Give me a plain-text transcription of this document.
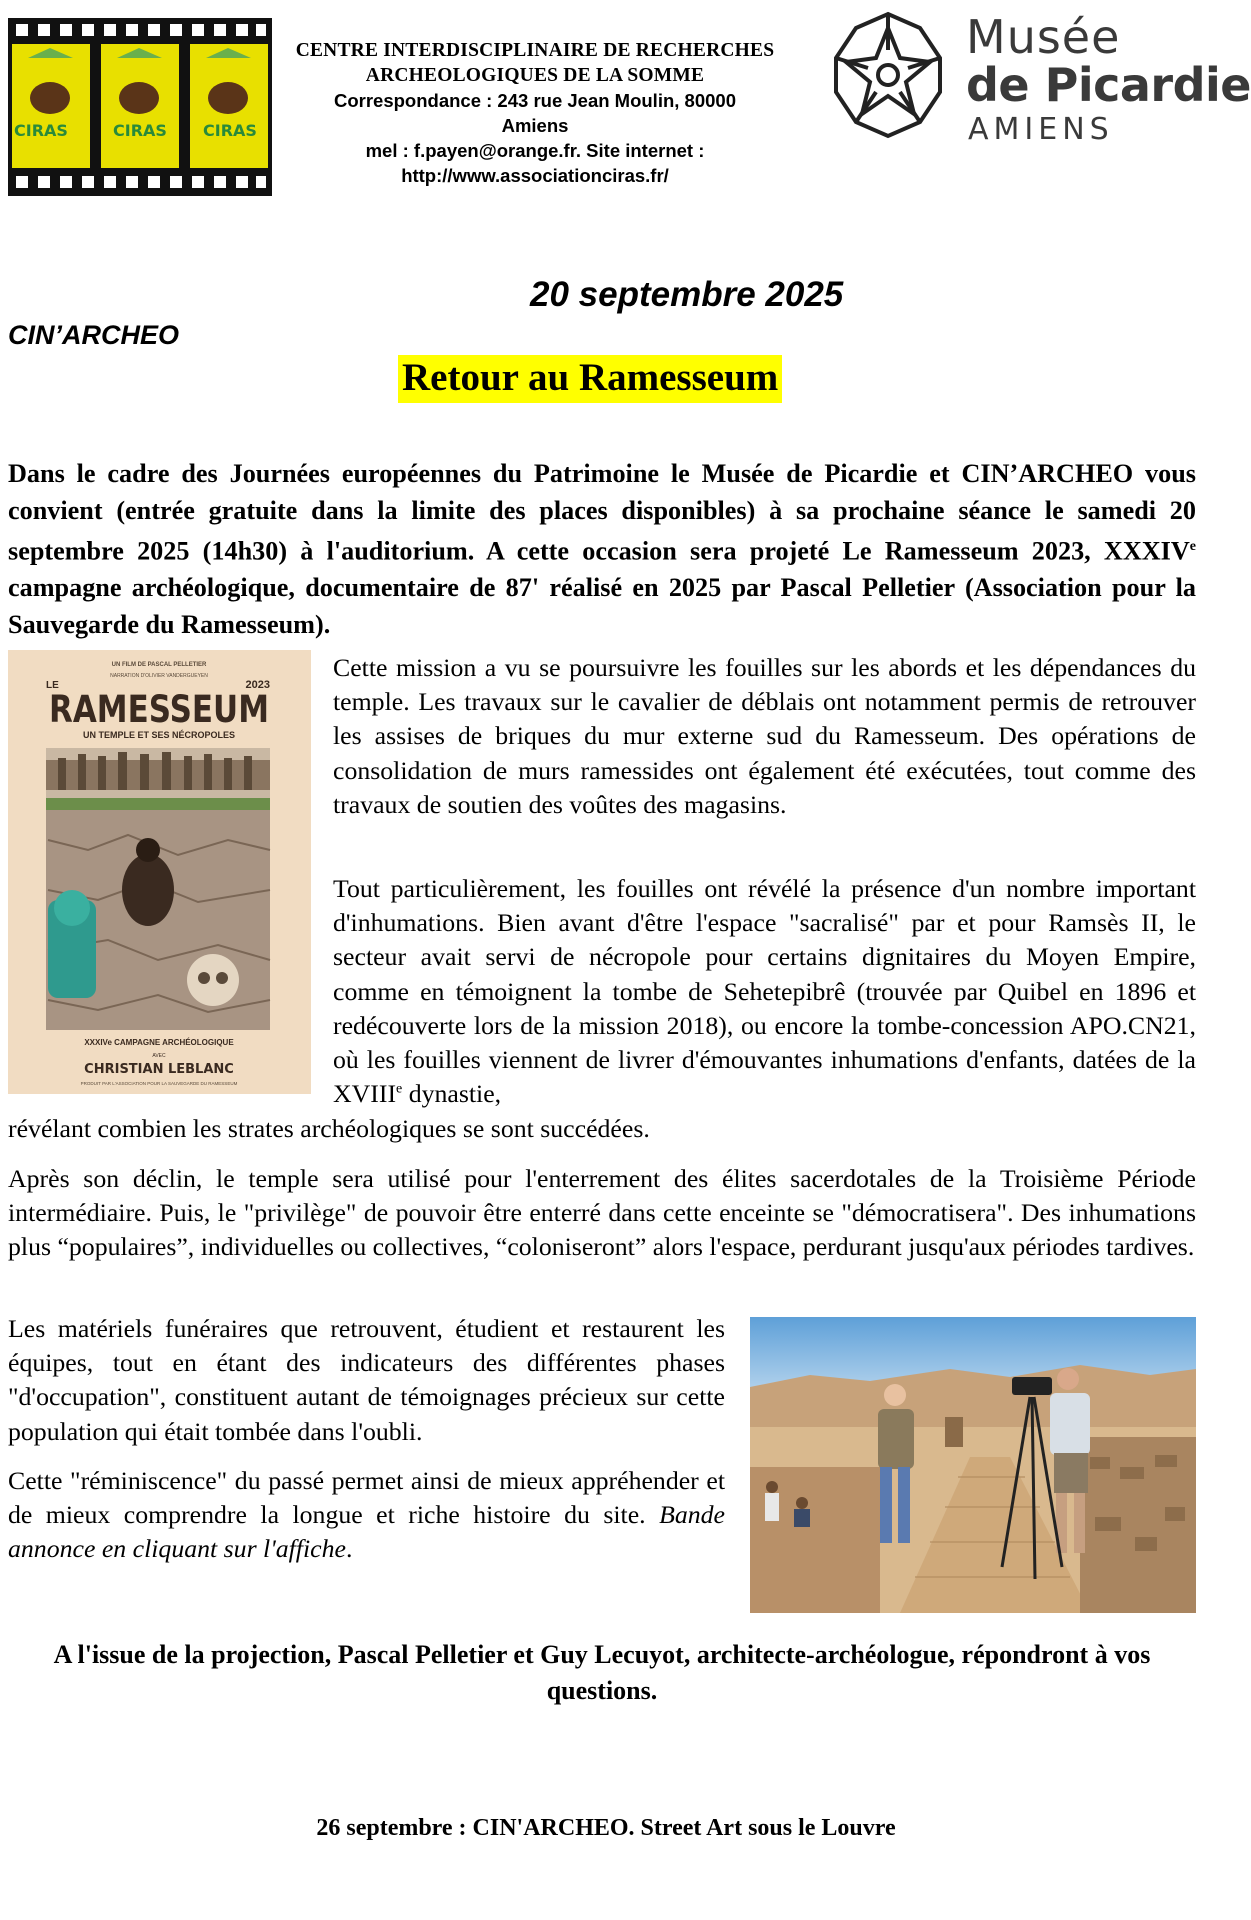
CIRAS	CIRAS CIRAS
CENTRE INTERDISCIPLINAIRE DE RECHERCHES
ARCHEOLOGIQUES DE LA SOMME
Correspondance : 243 rue Jean Moulin, 80000
Amiens
mel : f.payen@orange.fr. Site internet :
http://www.associationciras.fr/
Musée
de Picardie
AMIENS
20 septembre 2025
CIN’ARCHEO
Retour au Ramesseum
Dans le cadre des Journées européennes du Patrimoine le Musée de Picardie et CIN’ARCHEO vous convient (entrée gratuite dans la limite des places disponibles) à sa prochaine séance le samedi 20 septembre 2025 (14h30) à l'auditorium. A cette occasion sera projeté Le Ramesseum 2023, XXXIVe campagne archéologique, documentaire de 87' réalisé en 2025 par Pascal Pelletier (Association pour la Sauvegarde du Ramesseum).
UN FILM DE PASCAL PELLETIER
NARRATION D'OLIVIER VANDERGUEYEN
LE	2023
RAMESSEUM
UN TEMPLE ET SES NÉCROPOLES
XXXIVe CAMPAGNE ARCHÉOLOGIQUE
AVEC
CHRISTIAN LEBLANC
PRODUIT PAR L'ASSOCIATION POUR LA SAUVEGARDE DU RAMESSEUM
Cette mission a vu se poursuivre les fouilles sur les abords et les dépendances du temple. Les travaux sur le cavalier de déblais ont notamment permis de retrouver les assises de briques du mur externe sud du Ramesseum. Des opérations de consolidation de murs ramessides ont également été exécutées, tout comme des travaux de soutien des voûtes des magasins.
Tout particulièrement, les fouilles ont révélé la présence d'un nombre important d'inhumations. Bien avant d'être l'espace "sacralisé" par et pour Ramsès II, le secteur avait servi de nécropole pour certains dignitaires du Moyen Empire, comme en témoignent la tombe de Sehetepibrê (trouvée par Quibel en 1896 et redécouverte lors de la mission 2018), ou encore la tombe-concession APO.CN21, où les fouilles viennent de livrer d'émouvantes inhumations d'enfants, datées de la XVIIIe dynastie,
révélant combien les strates archéologiques se sont succédées.
Après son déclin, le temple sera utilisé pour l'enterrement des élites sacerdotales de la Troisième Période intermédiaire. Puis, le "privilège" de pouvoir être enterré dans cette enceinte se "démocratisera". Des inhumations plus “populaires”, individuelles ou collectives, “coloniseront” alors l'espace, perdurant jusqu'aux périodes tardives.
Les matériels funéraires que retrouvent, étudient et restaurent les équipes, tout en étant des indicateurs des différentes phases "d'occupation", constituent autant de témoignages précieux sur cette population qui était tombée dans l'oubli.
Cette "réminiscence" du passé permet ainsi de mieux appréhender et de mieux comprendre la longue et riche histoire du site. Bande annonce en cliquant sur l'affiche.
A l'issue de la projection, Pascal Pelletier et Guy Lecuyot, architecte-archéologue, répondront à vos questions.
26 septembre : CIN'ARCHEO. Street Art sous le Louvre
